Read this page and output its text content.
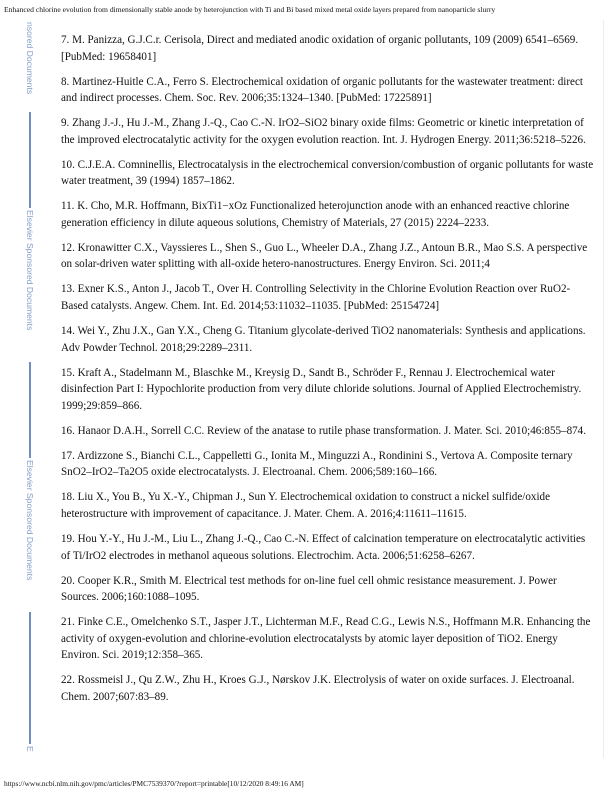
Enhanced chlorine evolution from dimensionally stable anode by heterojunction with Ti and Bi based mixed metal oxide layers prepared from nanoparticle slurry
nsored Documents
Elsevier Sponsored Documents
Elsevier Sponsored Documents
E

7. M. Panizza, G.J.C.r. Cerisola, Direct and mediated anodic oxidation of organic pollutants, 109 (2009) 6541–6569. [PubMed: 19658401]

8. Martinez-Huitle C.A., Ferro S. Electrochemical oxidation of organic pollutants for the wastewater treatment: direct and indirect processes. Chem. Soc. Rev. 2006;35:1324–1340. [PubMed: 17225891]

9. Zhang J.-J., Hu J.-M., Zhang J.-Q., Cao C.-N. IrO2–SiO2 binary oxide films: Geometric or kinetic interpretation of the improved electrocatalytic activity for the oxygen evolution reaction. Int. J. Hydrogen Energy. 2011;36:5218–5226.

10. C.J.E.A. Comninellis, Electrocatalysis in the electrochemical conversion/combustion of organic pollutants for waste water treatment, 39 (1994) 1857–1862.

11. K. Cho, M.R. Hoffmann, BixTi1−xOz Functionalized heterojunction anode with an enhanced reactive chlorine generation efficiency in dilute aqueous solutions, Chemistry of Materials, 27 (2015) 2224–2233.

12. Kronawitter C.X., Vayssieres L., Shen S., Guo L., Wheeler D.A., Zhang J.Z., Antoun B.R., Mao S.S. A perspective on solar-driven water splitting with all-oxide hetero-nanostructures. Energy Environ. Sci. 2011;4

13. Exner K.S., Anton J., Jacob T., Over H. Controlling Selectivity in the Chlorine Evolution Reaction over RuO2-Based catalysts. Angew. Chem. Int. Ed. 2014;53:11032–11035. [PubMed: 25154724]

14. Wei Y., Zhu J.X., Gan Y.X., Cheng G. Titanium glycolate-derived TiO2 nanomaterials: Synthesis and applications. Adv Powder Technol. 2018;29:2289–2311.

15. Kraft A., Stadelmann M., Blaschke M., Kreysig D., Sandt B., Schröder F., Rennau J. Electrochemical water disinfection Part I: Hypochlorite production from very dilute chloride solutions. Journal of Applied Electrochemistry. 1999;29:859–866.

16. Hanaor D.A.H., Sorrell C.C. Review of the anatase to rutile phase transformation. J. Mater. Sci. 2010;46:855–874.

17. Ardizzone S., Bianchi C.L., Cappelletti G., Ionita M., Minguzzi A., Rondinini S., Vertova A. Composite ternary SnO2–IrO2–Ta2O5 oxide electrocatalysts. J. Electroanal. Chem. 2006;589:160–166.

18. Liu X., You B., Yu X.-Y., Chipman J., Sun Y. Electrochemical oxidation to construct a nickel sulfide/oxide heterostructure with improvement of capacitance. J. Mater. Chem. A. 2016;4:11611–11615.

19. Hou Y.-Y., Hu J.-M., Liu L., Zhang J.-Q., Cao C.-N. Effect of calcination temperature on electrocatalytic activities of Ti/IrO2 electrodes in methanol aqueous solutions. Electrochim. Acta. 2006;51:6258–6267.

20. Cooper K.R., Smith M. Electrical test methods for on-line fuel cell ohmic resistance measurement. J. Power Sources. 2006;160:1088–1095.

21. Finke C.E., Omelchenko S.T., Jasper J.T., Lichterman M.F., Read C.G., Lewis N.S., Hoffmann M.R. Enhancing the activity of oxygen-evolution and chlorine-evolution electrocatalysts by atomic layer deposition of TiO2. Energy Environ. Sci. 2019;12:358–365.

22. Rossmeisl J., Qu Z.W., Zhu H., Kroes G.J., Nørskov J.K. Electrolysis of water on oxide surfaces. J. Electroanal. Chem. 2007;607:83–89.

https://www.ncbi.nlm.nih.gov/pmc/articles/PMC7539370/?report=printable[10/12/2020 8:49:16 AM]
